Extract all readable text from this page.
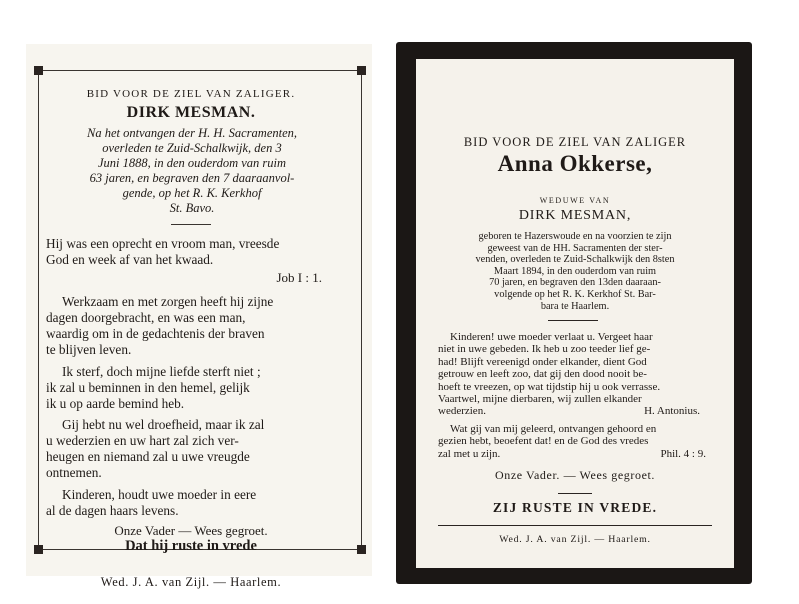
BID VOOR DE ZIEL VAN ZALIGER.
DIRK MESMAN.
Na het ontvangen der H. H. Sacramenten,
overleden te Zuid-Schalkwijk, den 3
Juni 1888, in den ouderdom van ruim
63 jaren, en begraven den 7 daaraanvol-
gende, op het R. K. Kerkhof
St. Bavo.
Hij was een oprecht en vroom man, vreesde
God en week af van het kwaad.
Job I : 1.
Werkzaam en met zorgen heeft hij zijne
dagen doorgebracht, en was een man,
waardig om in de gedachtenis der braven
te blijven leven.
Ik sterf, doch mijne liefde sterft niet ;
ik zal u beminnen in den hemel, gelijk
ik u op aarde bemind heb.
Gij hebt nu wel droefheid, maar ik zal
u wederzien en uw hart zal zich ver-
heugen en niemand zal u uwe vreugde
ontnemen.
Kinderen, houdt uwe moeder in eere
al de dagen haars levens.
Onze Vader — Wees gegroet.
Dat hij ruste in vrede
Wed. J. A. van Zijl. — Haarlem.
BID VOOR DE ZIEL VAN ZALIGER
Anna Okkerse,
WEDUWE VAN
DIRK MESMAN,
geboren te Hazerswoude en na voorzien te zijn
geweest van de HH. Sacramenten der ster-
venden, overleden te Zuid-Schalkwijk den 8sten
Maart 1894, in den ouderdom van ruim
70 jaren, en begraven den 13den daaraan-
volgende op het R. K. Kerkhof St. Bar-
bara te Haarlem.
Kinderen! uwe moeder verlaat u. Vergeet haar
niet in uwe gebeden. Ik heb u zoo teeder lief ge-
had! Blijft vereenigd onder elkander, dient God
getrouw en leeft zoo, dat gij den dood nooit be-
hoeft te vreezen, op wat tijdstip hij u ook verrasse.
Vaartwel, mijne dierbaren, wij zullen elkander
wederzien.	H. Antonius.
Wat gij van mij geleerd, ontvangen gehoord en
gezien hebt, beoefent dat! en de God des vredes
zal met u zijn.	Phil. 4 : 9.
Onze Vader. — Wees gegroet.
ZIJ RUSTE IN VREDE.
Wed. J. A. van Zijl. — Haarlem.
